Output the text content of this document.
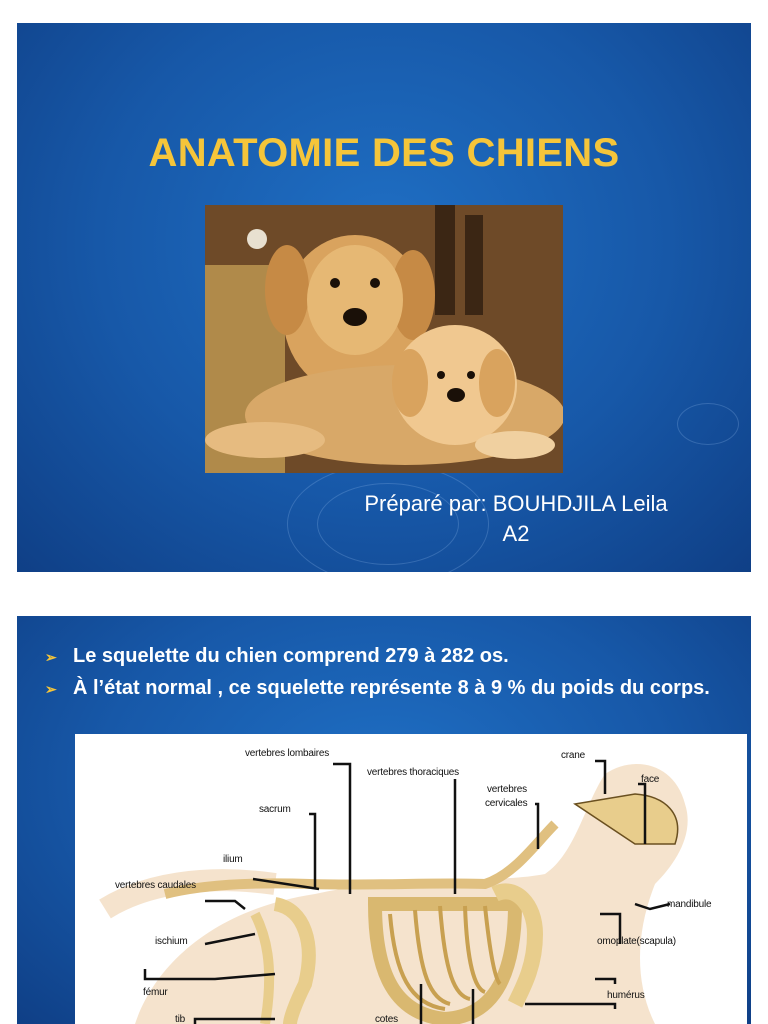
ANATOMIE DES CHIENS
Préparé par: BOUHDJILA Leila
A2
➢ Le squelette du chien comprend 279 à 282 os.
➢ À l’état normal , ce squelette représente 8 à 9 % du poids du corps.
vertebres lombaires
vertebres thoraciques
crane
face
vertebres
cervicales
sacrum
ilium
vertebres caudales
mandibule
ischium	omoplate(scapula)
fémur	humérus
tib	cotes
